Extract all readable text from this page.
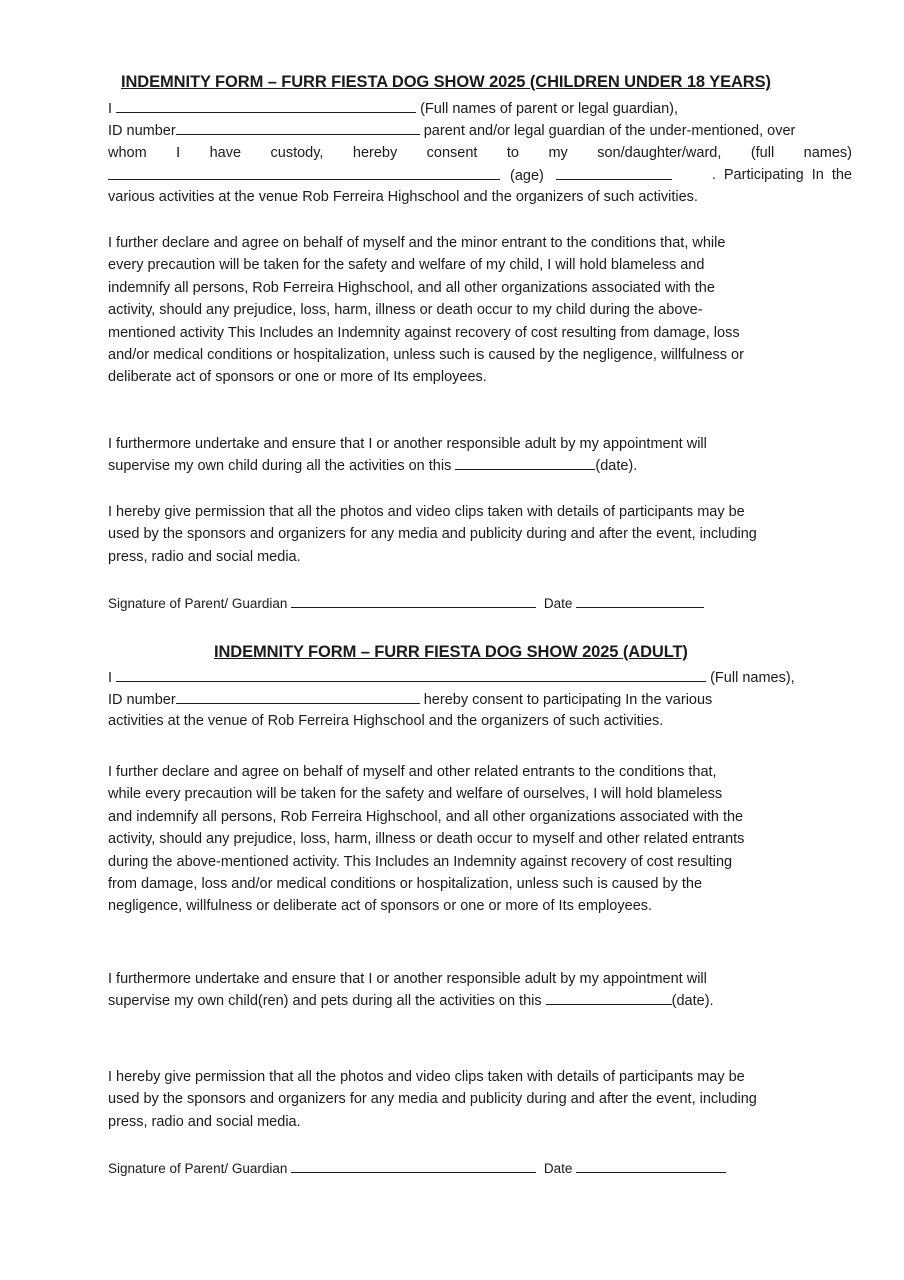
INDEMNITY FORM – FURR FIESTA DOG SHOW 2025 (CHILDREN UNDER 18 YEARS)
I	(Full names of parent or legal guardian),
ID number	parent and/or legal guardian of the under-mentioned, over
whom I have custody, hereby consent to my son/daughter/ward, (full names)
(age)	. Participating In the
various activities at the venue Rob Ferreira Highschool and the organizers of such activities.

I further declare and agree on behalf of myself and the minor entrant to the conditions that, while every precaution will be taken for the safety and welfare of my child, I will hold blameless and indemnify all persons, Rob Ferreira Highschool, and all other organizations associated with the activity, should any prejudice, loss, harm, illness or death occur to my child during the above-mentioned activity This Includes an Indemnity against recovery of cost resulting from damage, loss and/or medical conditions or hospitalization, unless such is caused by the negligence, willfulness or deliberate act of sponsors or one or more of Its employees.

I furthermore undertake and ensure that I or another responsible adult by my appointment will supervise my own child during all the activities on this	(date).

I hereby give permission that all the photos and video clips taken with details of participants may be used by the sponsors and organizers for any media and publicity during and after the event, including press, radio and social media.

Signature of Parent/ Guardian	Date
INDEMNITY FORM – FURR FIESTA DOG SHOW 2025 (ADULT)
I	(Full names),
ID number	hereby consent to participating In the various
activities at the venue of Rob Ferreira Highschool and the organizers of such activities.

I further declare and agree on behalf of myself and other related entrants to the conditions that, while every precaution will be taken for the safety and welfare of ourselves, I will hold blameless and indemnify all persons, Rob Ferreira Highschool, and all other organizations associated with the activity, should any prejudice, loss, harm, illness or death occur to myself and other related entrants during the above-mentioned activity. This Includes an Indemnity against recovery of cost resulting from damage, loss and/or medical conditions or hospitalization, unless such is caused by the negligence, willfulness or deliberate act of sponsors or one or more of Its employees.

I furthermore undertake and ensure that I or another responsible adult by my appointment will supervise my own child(ren) and pets during all the activities on this	(date).

I hereby give permission that all the photos and video clips taken with details of participants may be used by the sponsors and organizers for any media and publicity during and after the event, including press, radio and social media.

Signature of Parent/ Guardian	Date
